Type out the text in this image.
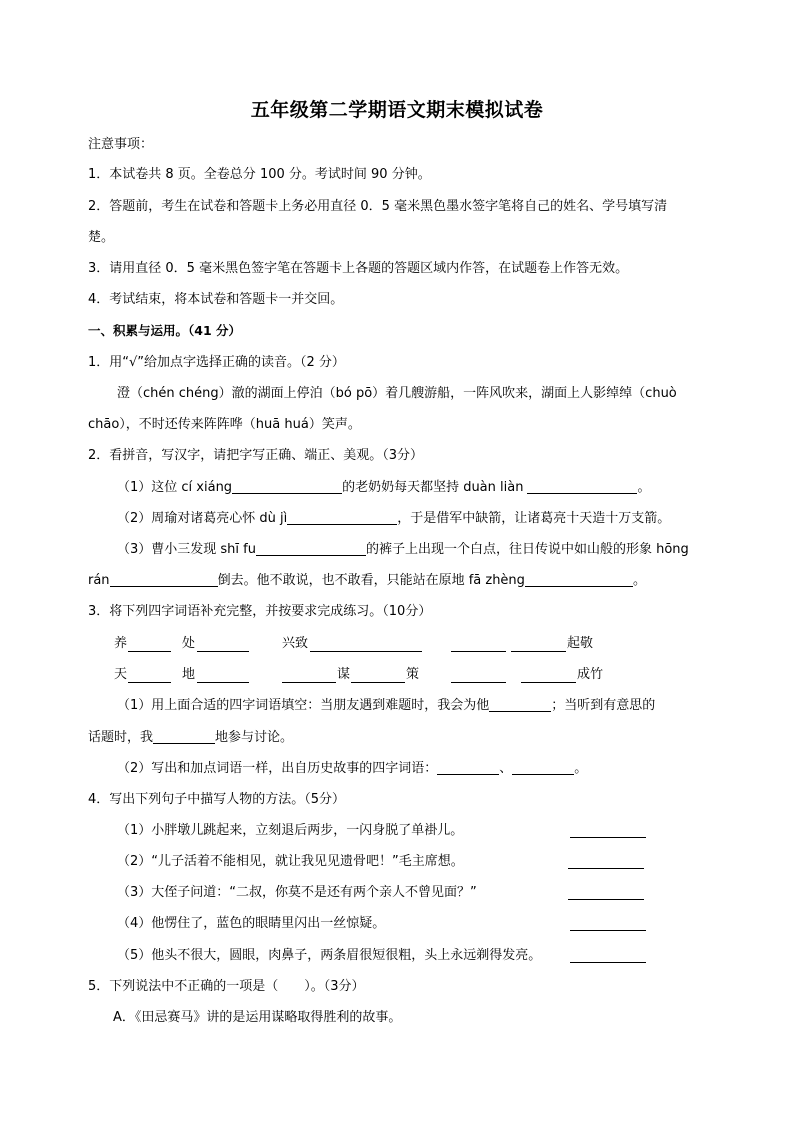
五年级第二学期语文期末模拟试卷
注意事项：
1．本试卷共 8 页。全卷总分 100 分。考试时间 90 分钟。
2．答题前，考生在试卷和答题卡上务必用直径 0．5 毫米黑色墨水签字笔将自己的姓名、学号填写清
楚。
3．请用直径 0．5 毫米黑色签字笔在答题卡上各题的答题区域内作答，在试题卷上作答无效。
4．考试结束，将本试卷和答题卡一并交回。
一、积累与运用。（41 分）
1．用“√”给加点字选择正确的读音。（2 分）
澄（chén chéng）澈的湖面上停泊（bó pō）着几艘游船，一阵风吹来，湖面上人影绰绰（chuò
chāo），不时还传来阵阵哗（huā huá）笑声。
2．看拼音，写汉字，请把字写正确、端正、美观。（3分）
（1）这位 cí xiáng	的老奶奶每天都坚持 duàn liàn	。
（2）周瑜对诸葛亮心怀 dù jì	，于是借军中缺箭，让诸葛亮十天造十万支箭。
（3）曹小三发现 shī fu	的裤子上出现一个白点，往日传说中如山般的形象 hōng
rán	倒去。他不敢说，也不敢看，只能站在原地 fā zhèng	。
3．将下列四字词语补充完整，并按要求完成练习。（10分）
养	处	兴致	起敬
天	地	谋	策	成竹
（1）用上面合适的四字词语填空：当朋友遇到难题时，我会为他	；当听到有意思的
话题时，我	地参与讨论。
（2）写出和加点词语一样，出自历史故事的四字词语：	、	。
4．写出下列句子中描写人物的方法。（5分）
（1）小胖墩儿跳起来，立刻退后两步，一闪身脱了单褂儿。
（2）“儿子活着不能相见，就让我见见遗骨吧！”毛主席想。
（3）大侄子问道：“二叔，你莫不是还有两个亲人不曾见面？”
（4）他愣住了，蓝色的眼睛里闪出一丝惊疑。
（5）他头不很大，圆眼，肉鼻子，两条眉很短很粗，头上永远剃得发亮。
5．下列说法中不正确的一项是（　　）。（3分）
A．《田忌赛马》讲的是运用谋略取得胜利的故事。
